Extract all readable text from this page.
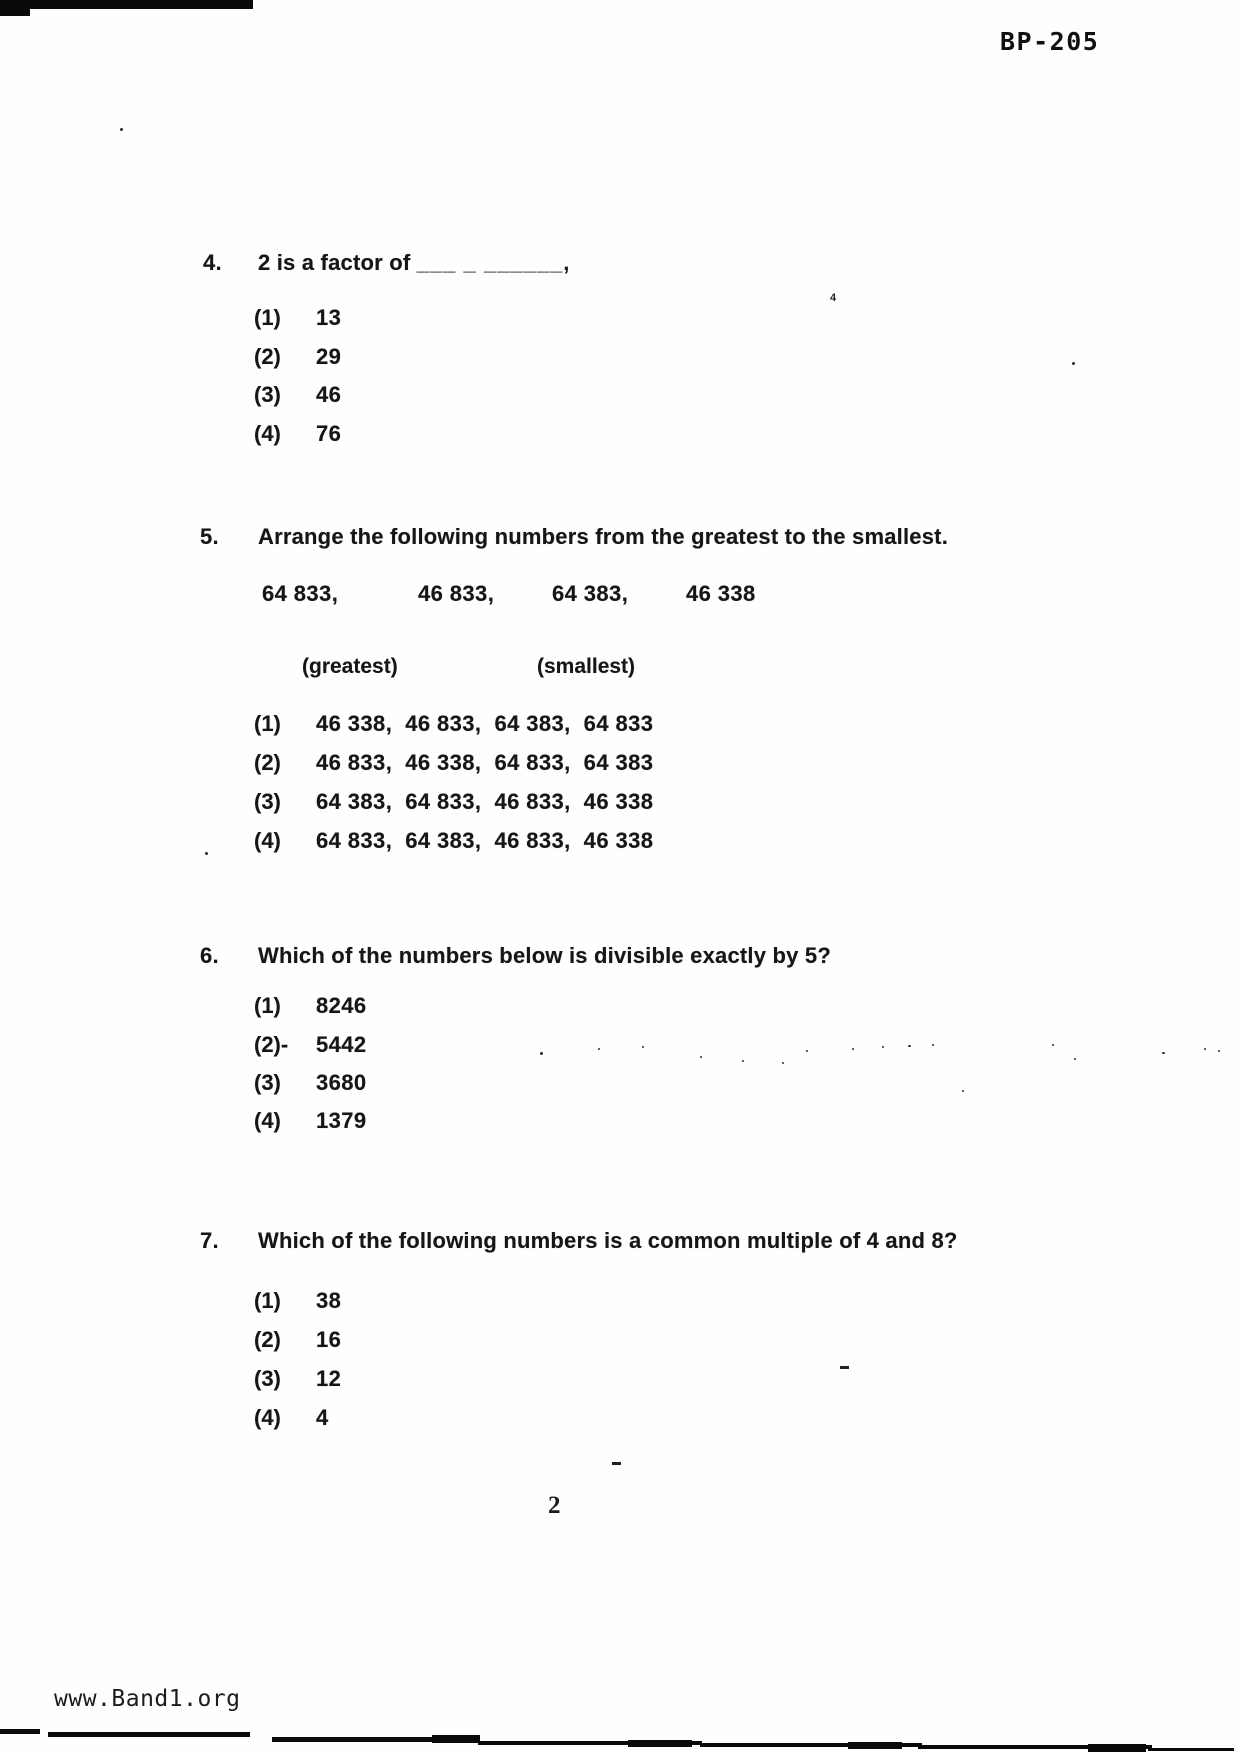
BP-205
4. 2 is a factor of ___ _ ______,
(1) 13
(2) 29
(3) 46
(4) 76
5. Arrange the following numbers from the greatest to the smallest.
64 833,	46 833,	64 383,	46 338
(greatest)	(smallest)
(1) 46 338,  46 833,  64 383,  64 833
(2) 46 833,  46 338,  64 833,  64 383
(3) 64 383,  64 833,  46 833,  46 338
(4) 64 833,  64 383,  46 833,  46 338
6. Which of the numbers below is divisible exactly by 5?
(1) 8246
(2)- 5442
(3) 3680
(4) 1379
7. Which of the following numbers is a common multiple of 4 and 8?
(1) 38
(2) 16
(3) 12
(4) 4
2
www.Band1.org
4
